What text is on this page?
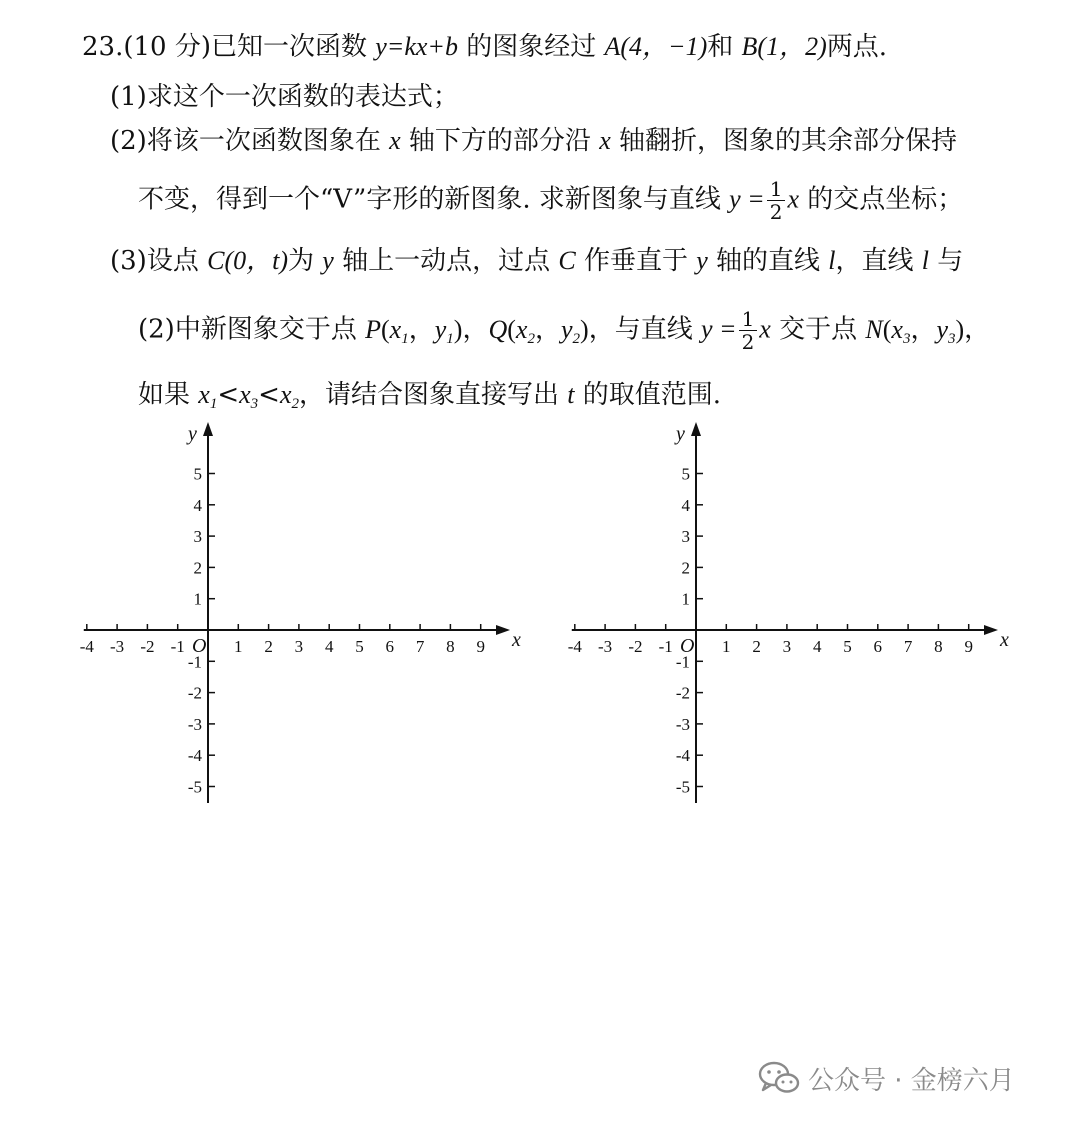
23.(10 分)已知一次函数 y=kx+b 的图象经过 A(4，−1)和 B(1，2)两点.
(1)求这个一次函数的表达式；
(2)将该一次函数图象在 x 轴下方的部分沿 x 轴翻折，图象的其余部分保持
不变，得到一个“V”字形的新图象. 求新图象与直线 $y = \frac{1}{2}$ x 的交点坐标；
(3)设点 C(0，t)为 y 轴上一动点，过点 C 作垂直于 y 轴的直线 l，直线 l 与
(2)中新图象交于点 $P(x_1$，$y_1$)，$Q(x_2$，$y_2$)，与直线 $y = \frac{1}{2}$ x 交于点 $N(x_3$，$y_3$)，
如果 $x_1<x_3<x_2$，请结合图象直接写出 t 的取值范围.
x
y
O
-4 -3 -2 -1	1 2 3 4 5 6 7 8 9
5
4
3
2
1
-1
-2
-3
-4
-5
x
y
O
-4 -3 -2 -1	1 2 3 4 5 6 7 8 9
5
4
3
2
1
-1
-2
-3
-4
-5
公众号 · 金榜六月
